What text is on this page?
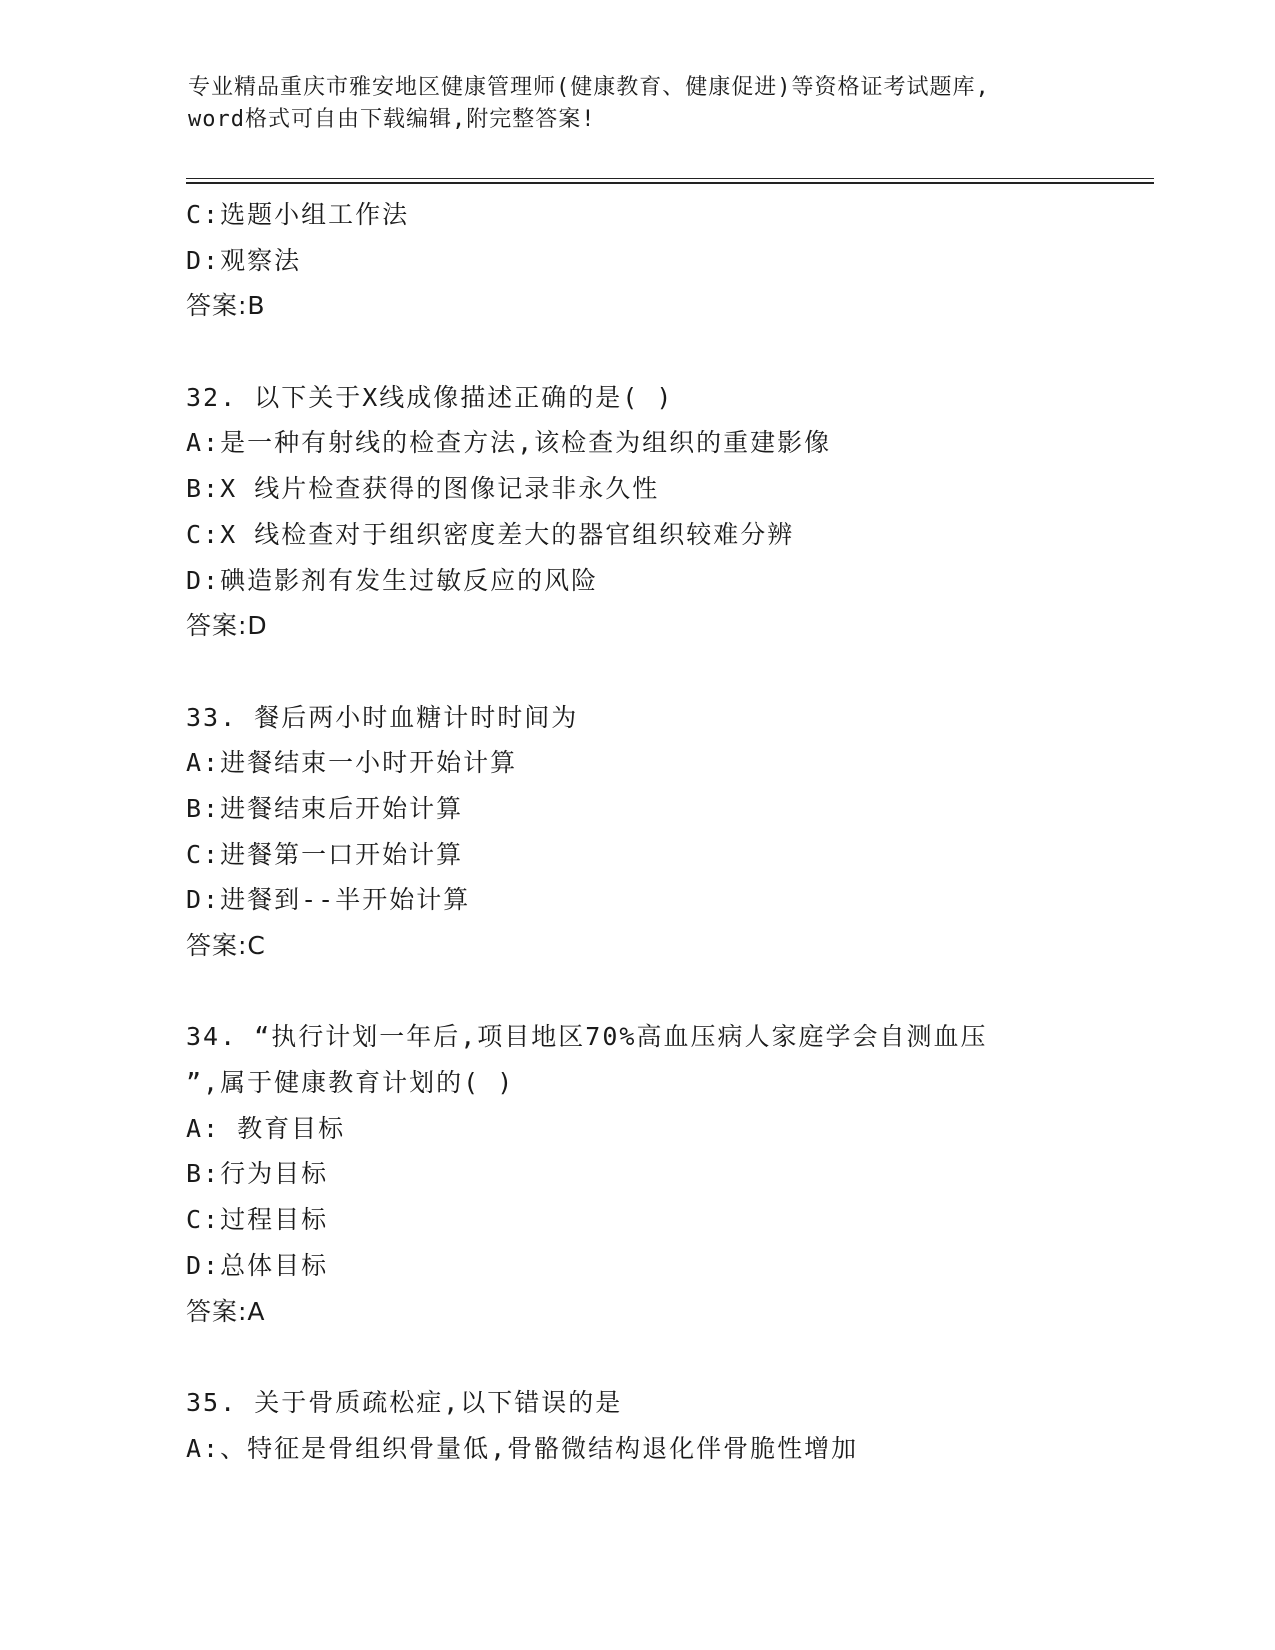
专业精品重庆市雅安地区健康管理师(健康教育、健康促进)等资格证考试题库,
word格式可自由下载编辑,附完整答案!
C:选题小组工作法
D:观察法
答案:B
32. 以下关于X线成像描述正确的是( )
A:是一种有射线的检查方法,该检查为组织的重建影像
B:X 线片检查获得的图像记录非永久性
C:X 线检查对于组织密度差大的器官组织较难分辨
D:碘造影剂有发生过敏反应的风险
答案:D
33. 餐后两小时血糖计时时间为
A:进餐结束一小时开始计算
B:进餐结束后开始计算
C:进餐第一口开始计算
D:进餐到--半开始计算
答案:C
34. “执行计划一年后,项目地区70%高血压病人家庭学会自测血压
”,属于健康教育计划的( )
A: 教育目标
B:行为目标
C:过程目标
D:总体目标
答案:A
35. 关于骨质疏松症,以下错误的是
A:、特征是骨组织骨量低,骨骼微结构退化伴骨脆性增加
